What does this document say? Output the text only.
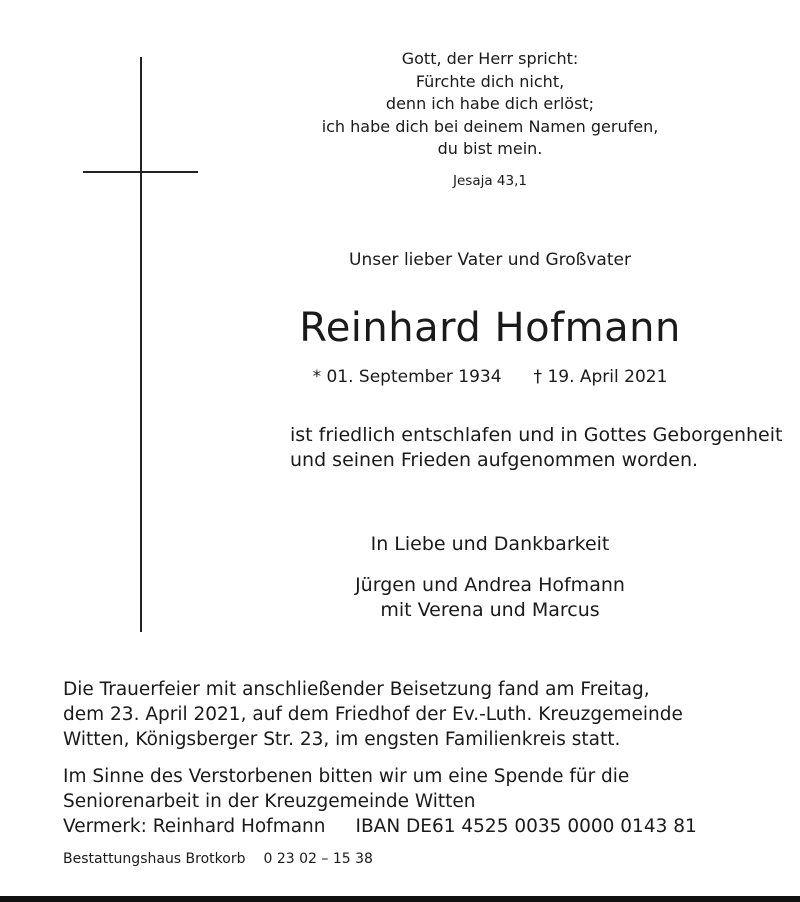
Gott, der Herr spricht:
Fürchte dich nicht,
denn ich habe dich erlöst;
ich habe dich bei deinem Namen gerufen,
du bist mein.
Jesaja 43,1
Unser lieber Vater und Großvater
Reinhard Hofmann
* 01. September 1934 † 19. April 2021
ist friedlich entschlafen und in Gottes Geborgenheit
und seinen Frieden aufgenommen worden.
In Liebe und Dankbarkeit
Jürgen und Andrea Hofmann
mit Verena und Marcus
Die Trauerfeier mit anschließender Beisetzung fand am Freitag,
dem 23. April 2021, auf dem Friedhof der Ev.-Luth. Kreuzgemeinde
Witten, Königsberger Str. 23, im engsten Familienkreis statt.
Im Sinne des Verstorbenen bitten wir um eine Spende für die
Seniorenarbeit in der Kreuzgemeinde Witten
Vermerk: Reinhard Hofmann IBAN DE61 4525 0035 0000 0143 81
Bestattungshaus Brotkorb 0 23 02 – 15 38
